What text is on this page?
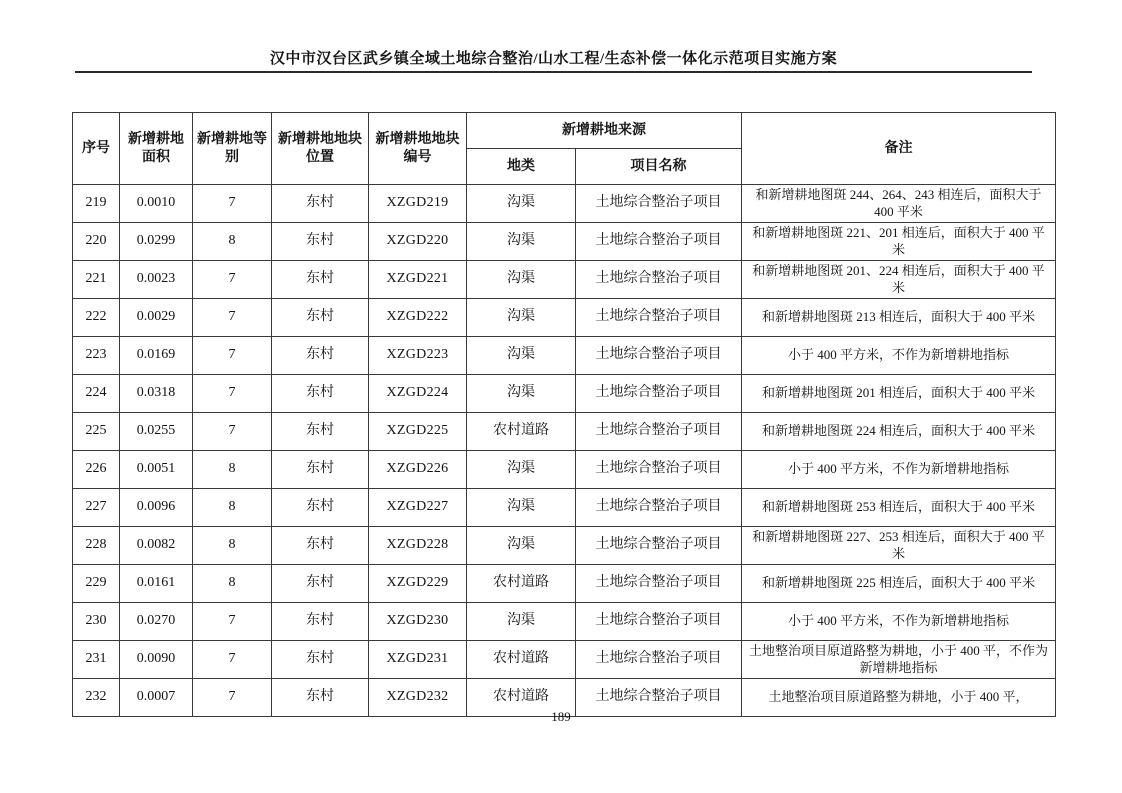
汉中市汉台区武乡镇全域土地综合整治/山水工程/生态补偿一体化示范项目实施方案
序号	新增耕地面积	新增耕地等别	新增耕地地块位置	新增耕地地块编号	新增耕地来源		备注
					地类	项目名称	
219	0.0010	7	东村	XZGD219	沟渠	土地综合整治子项目	和新增耕地图斑 244、264、243 相连后，面积大于 400 平米
220	0.0299	8	东村	XZGD220	沟渠	土地综合整治子项目	和新增耕地图斑 221、201 相连后，面积大于 400 平米
221	0.0023	7	东村	XZGD221	沟渠	土地综合整治子项目	和新增耕地图斑 201、224 相连后，面积大于 400 平米
222	0.0029	7	东村	XZGD222	沟渠	土地综合整治子项目	和新增耕地图斑 213 相连后，面积大于 400 平米
223	0.0169	7	东村	XZGD223	沟渠	土地综合整治子项目	小于 400 平方米，不作为新增耕地指标
224	0.0318	7	东村	XZGD224	沟渠	土地综合整治子项目	和新增耕地图斑 201 相连后，面积大于 400 平米
225	0.0255	7	东村	XZGD225	农村道路	土地综合整治子项目	和新增耕地图斑 224 相连后，面积大于 400 平米
226	0.0051	8	东村	XZGD226	沟渠	土地综合整治子项目	小于 400 平方米，不作为新增耕地指标
227	0.0096	8	东村	XZGD227	沟渠	土地综合整治子项目	和新增耕地图斑 253 相连后，面积大于 400 平米
228	0.0082	8	东村	XZGD228	沟渠	土地综合整治子项目	和新增耕地图斑 227、253 相连后，面积大于 400 平米
229	0.0161	8	东村	XZGD229	农村道路	土地综合整治子项目	和新增耕地图斑 225 相连后，面积大于 400 平米
230	0.0270	7	东村	XZGD230	沟渠	土地综合整治子项目	小于 400 平方米，不作为新增耕地指标
231	0.0090	7	东村	XZGD231	农村道路	土地综合整治子项目	土地整治项目原道路整为耕地，小于 400 平，不作为新增耕地指标
232	0.0007	7	东村	XZGD232	农村道路	土地综合整治子项目	土地整治项目原道路整为耕地，小于 400 平，
189
